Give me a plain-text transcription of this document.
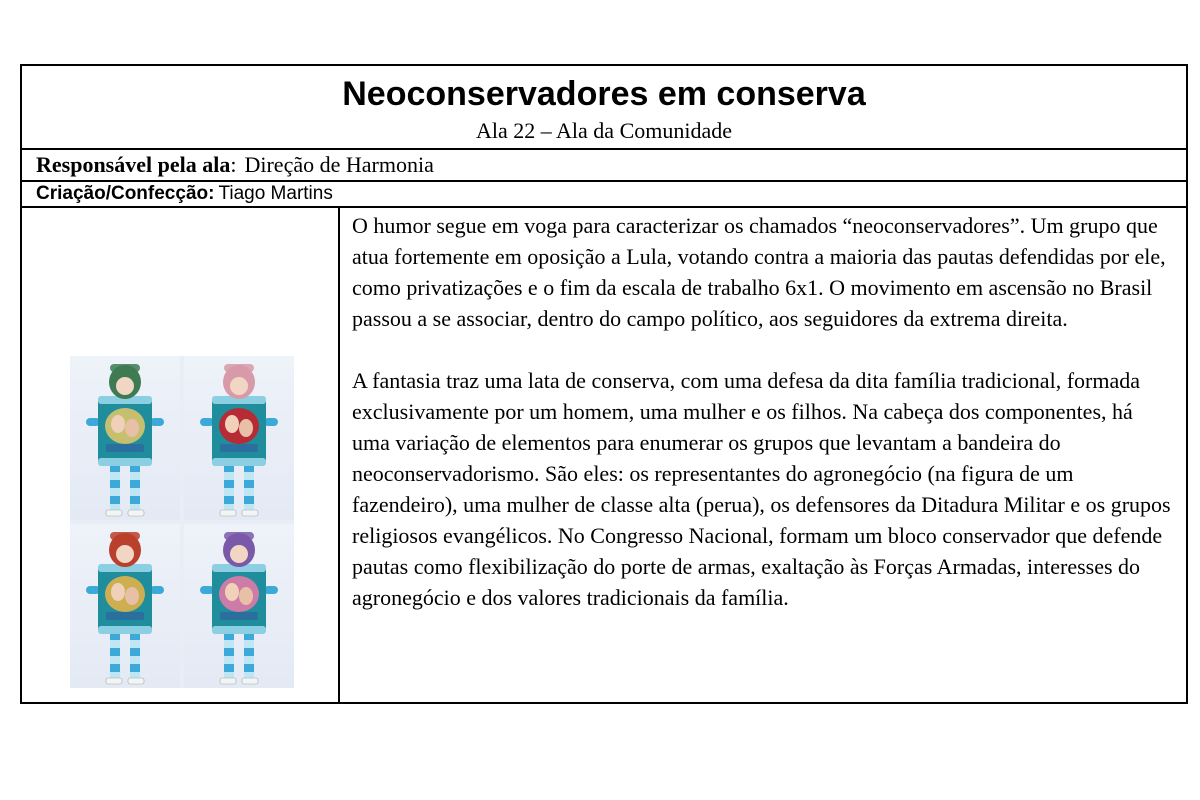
Neoconservadores em conserva
Ala 22 – Ala da Comunidade
Responsável pela ala: Direção de Harmonia
Criação/Confecção: Tiago Martins

O humor segue em voga para caracterizar os chamados “neoconservadores”. Um grupo que atua fortemente em oposição a Lula, votando contra a maioria das pautas defendidas por ele, como privatizações e o fim da escala de trabalho 6x1. O movimento em ascensão no Brasil passou a se associar, dentro do campo político, aos seguidores da extrema direita.

A fantasia traz uma lata de conserva, com uma defesa da dita família tradicional, formada exclusivamente por um homem, uma mulher e os filhos. Na cabeça dos componentes, há uma variação de elementos para enumerar os grupos que levantam a bandeira do neoconservadorismo. São eles: os representantes do agronegócio (na figura de um fazendeiro), uma mulher de classe alta (perua), os defensores da Ditadura Militar e os grupos religiosos evangélicos. No Congresso Nacional, formam um bloco conservador que defende pautas como flexibilização do porte de armas, exaltação às Forças Armadas, interesses do agronegócio e dos valores tradicionais da família.
